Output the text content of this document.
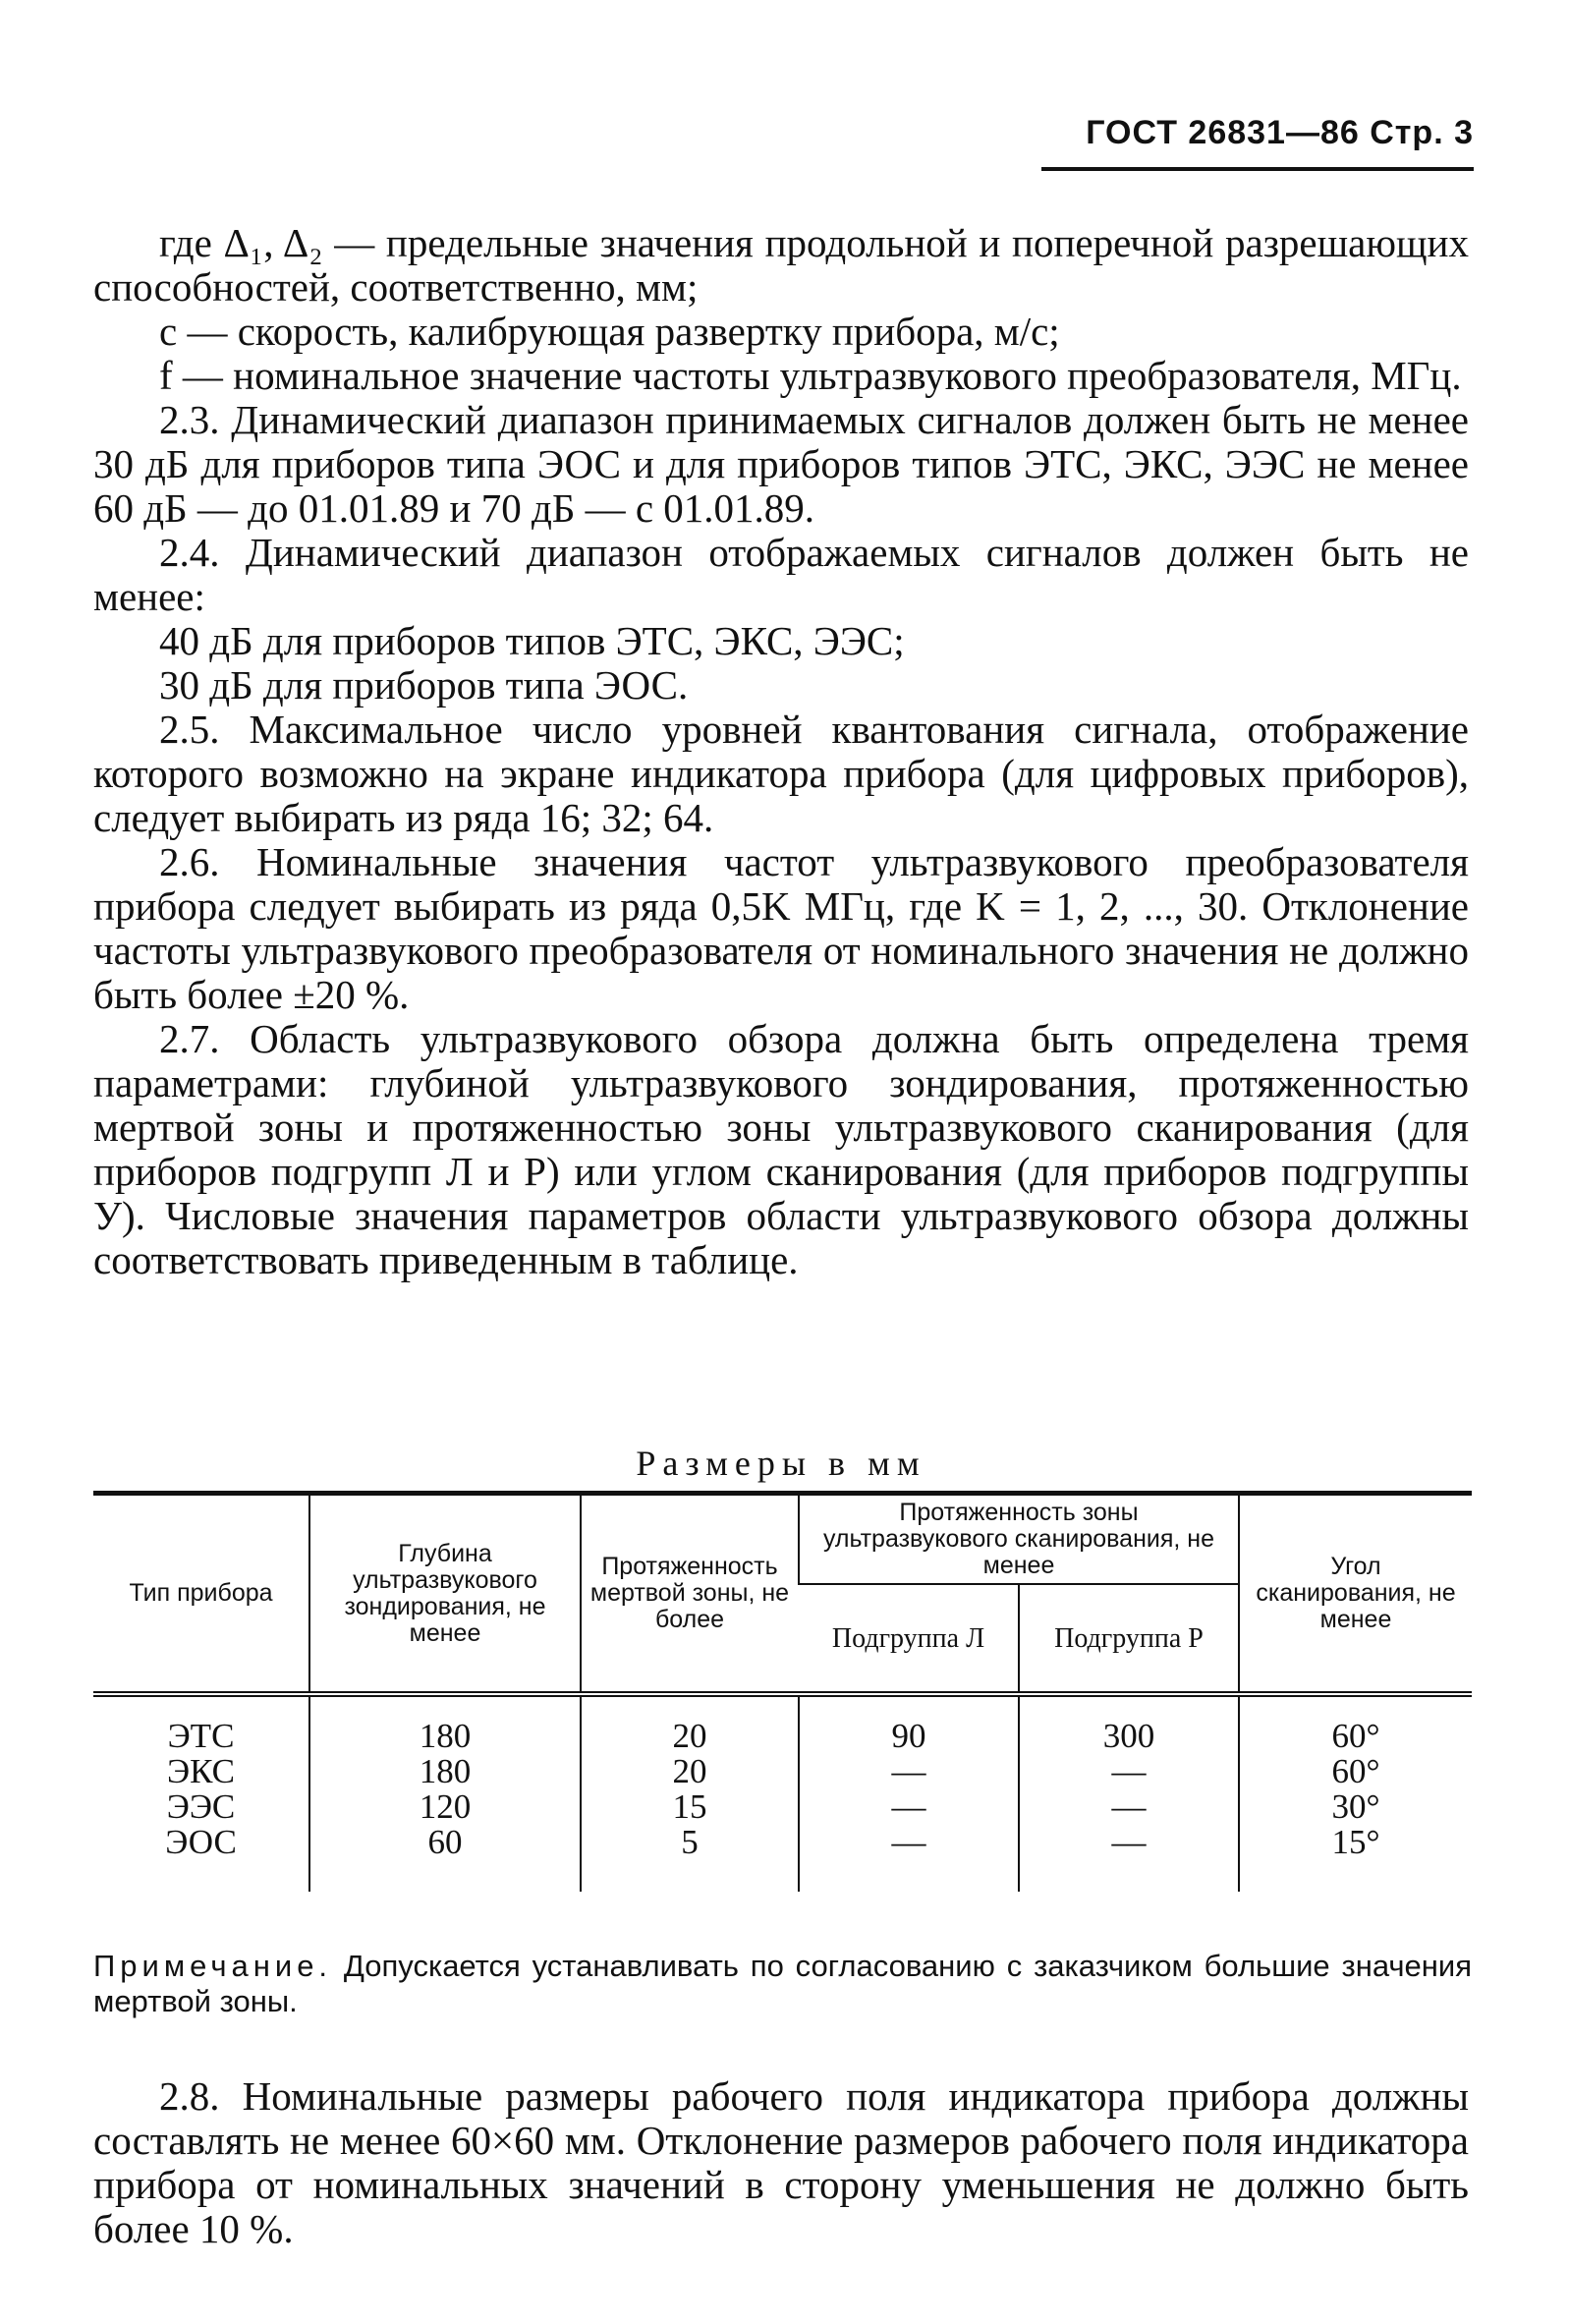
ГОСТ 26831—86 Стр. 3

где Δ₁, Δ₂ — предельные значения продольной и поперечной разрешающих способностей, соответственно, мм;

c — скорость, калибрующая развертку прибора, м/с;

f — номинальное значение частоты ультразвукового преобразователя, МГц.

2.3. Динамический диапазон принимаемых сигналов должен быть не менее 30 дБ для приборов типа ЭОС и для приборов типов ЭТС, ЭКС, ЭЭС не менее 60 дБ — до 01.01.89 и 70 дБ — с 01.01.89.

2.4. Динамический диапазон отображаемых сигналов должен быть не менее:

40 дБ для приборов типов ЭТС, ЭКС, ЭЭС;

30 дБ для приборов типа ЭОС.

2.5. Максимальное число уровней квантования сигнала, отображение которого возможно на экране индикатора прибора (для цифровых приборов), следует выбирать из ряда 16; 32; 64.

2.6. Номинальные значения частот ультразвукового преобразователя прибора следует выбирать из ряда 0,5K МГц, где K = 1, 2, ..., 30. Отклонение частоты ультразвукового преобразователя от номинального значения не должно быть более ±20 %.

2.7. Область ультразвукового обзора должна быть определена тремя параметрами: глубиной ультразвукового зондирования, протяженностью мертвой зоны и протяженностью зоны ультразвукового сканирования (для приборов подгрупп Л и Р) или углом сканирования (для приборов подгруппы У). Числовые значения параметров области ультразвукового обзора должны соответствовать приведенным в таблице.

Размеры в мм
Тип прибора	Глубина ультразвукового зондирования, не менее	Протяженность мертвой зоны, не более	Протяженность зоны ультразвукового сканирования, не менее		Угол сканирования, не менее
			Подгруппа Л	Подгруппа Р	
ЭТС	180	20	90	300	60°
ЭКС	180	20	—	—	60°
ЭЭС	120	15	—	—	30°
ЭОС	60	5	—	—	15°
Примечание. Допускается устанавливать по согласованию с заказчиком большие значения мертвой зоны.

2.8. Номинальные размеры рабочего поля индикатора прибора должны составлять не менее 60×60 мм. Отклонение размеров рабочего поля индикатора прибора от номинальных значений в сторону уменьшения не должно быть более 10 %.
